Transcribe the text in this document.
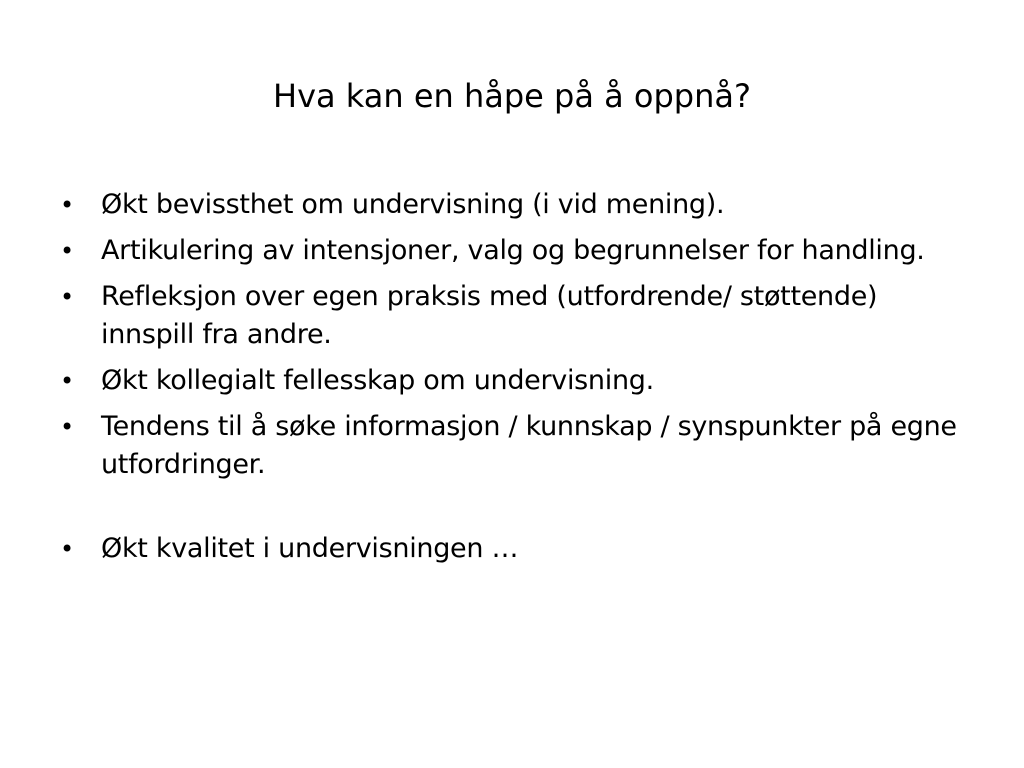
Hva kan en håpe på å oppnå?
• Økt bevissthet om undervisning (i vid mening).
• Artikulering av intensjoner, valg og begrunnelser for handling.
• Refleksjon over egen praksis med (utfordrende/ støttende) innspill fra andre.
• Økt kollegialt fellesskap om undervisning.
• Tendens til å søke informasjon / kunnskap / synspunkter på egne utfordringer.
• Økt kvalitet i undervisningen …
